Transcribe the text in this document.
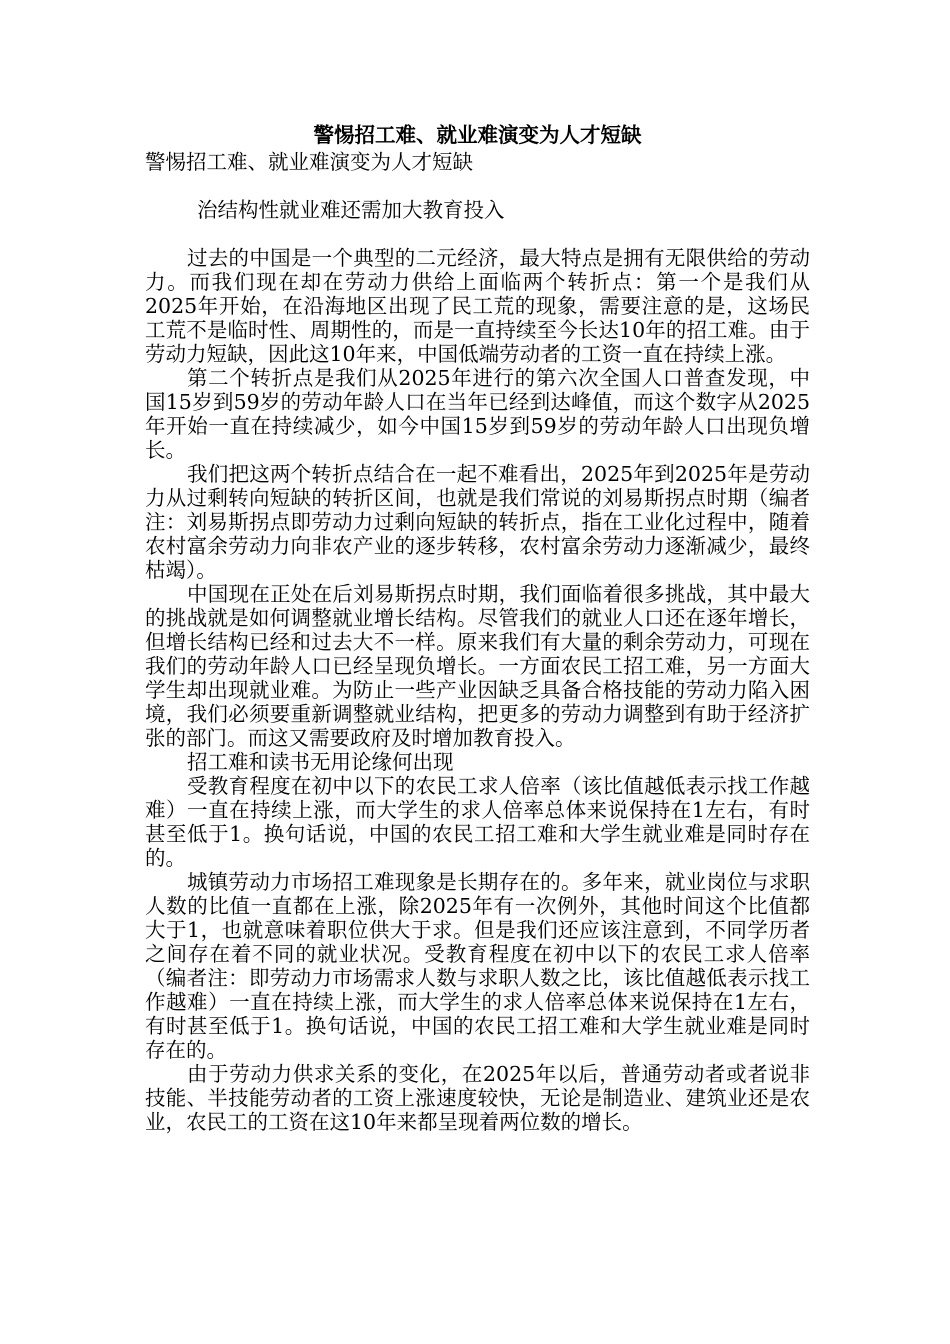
警惕招工难、就业难演变为人才短缺

警惕招工难、就业难演变为人才短缺

治结构性就业难还需加大教育投入

过去的中国是一个典型的二元经济，最大特点是拥有无限供给的劳动力。而我们现在却在劳动力供给上面临两个转折点：第一个是我们从2025年开始，在沿海地区出现了民工荒的现象，需要注意的是，这场民工荒不是临时性、周期性的，而是一直持续至今长达10年的招工难。由于劳动力短缺，因此这10年来，中国低端劳动者的工资一直在持续上涨。

第二个转折点是我们从2025年进行的第六次全国人口普查发现，中国15岁到59岁的劳动年龄人口在当年已经到达峰值，而这个数字从2025年开始一直在持续减少，如今中国15岁到59岁的劳动年龄人口出现负增长。

我们把这两个转折点结合在一起不难看出，2025年到2025年是劳动力从过剩转向短缺的转折区间，也就是我们常说的刘易斯拐点时期（编者注：刘易斯拐点即劳动力过剩向短缺的转折点，指在工业化过程中，随着农村富余劳动力向非农产业的逐步转移，农村富余劳动力逐渐减少，最终枯竭）。

中国现在正处在后刘易斯拐点时期，我们面临着很多挑战，其中最大的挑战就是如何调整就业增长结构。尽管我们的就业人口还在逐年增长，但增长结构已经和过去大不一样。原来我们有大量的剩余劳动力，可现在我们的劳动年龄人口已经呈现负增长。一方面农民工招工难，另一方面大学生却出现就业难。为防止一些产业因缺乏具备合格技能的劳动力陷入困境，我们必须要重新调整就业结构，把更多的劳动力调整到有助于经济扩张的部门。而这又需要政府及时增加教育投入。

招工难和读书无用论缘何出现

受教育程度在初中以下的农民工求人倍率（该比值越低表示找工作越难）一直在持续上涨，而大学生的求人倍率总体来说保持在1左右，有时甚至低于1。换句话说，中国的农民工招工难和大学生就业难是同时存在的。

城镇劳动力市场招工难现象是长期存在的。多年来，就业岗位与求职人数的比值一直都在上涨，除2025年有一次例外，其他时间这个比值都大于1，也就意味着职位供大于求。但是我们还应该注意到，不同学历者之间存在着不同的就业状况。受教育程度在初中以下的农民工求人倍率（编者注：即劳动力市场需求人数与求职人数之比，该比值越低表示找工作越难）一直在持续上涨，而大学生的求人倍率总体来说保持在1左右，有时甚至低于1。换句话说，中国的农民工招工难和大学生就业难是同时存在的。

由于劳动力供求关系的变化，在2025年以后，普通劳动者或者说非技能、半技能劳动者的工资上涨速度较快，无论是制造业、建筑业还是农业，农民工的工资在这10年来都呈现着两位数的增长。
